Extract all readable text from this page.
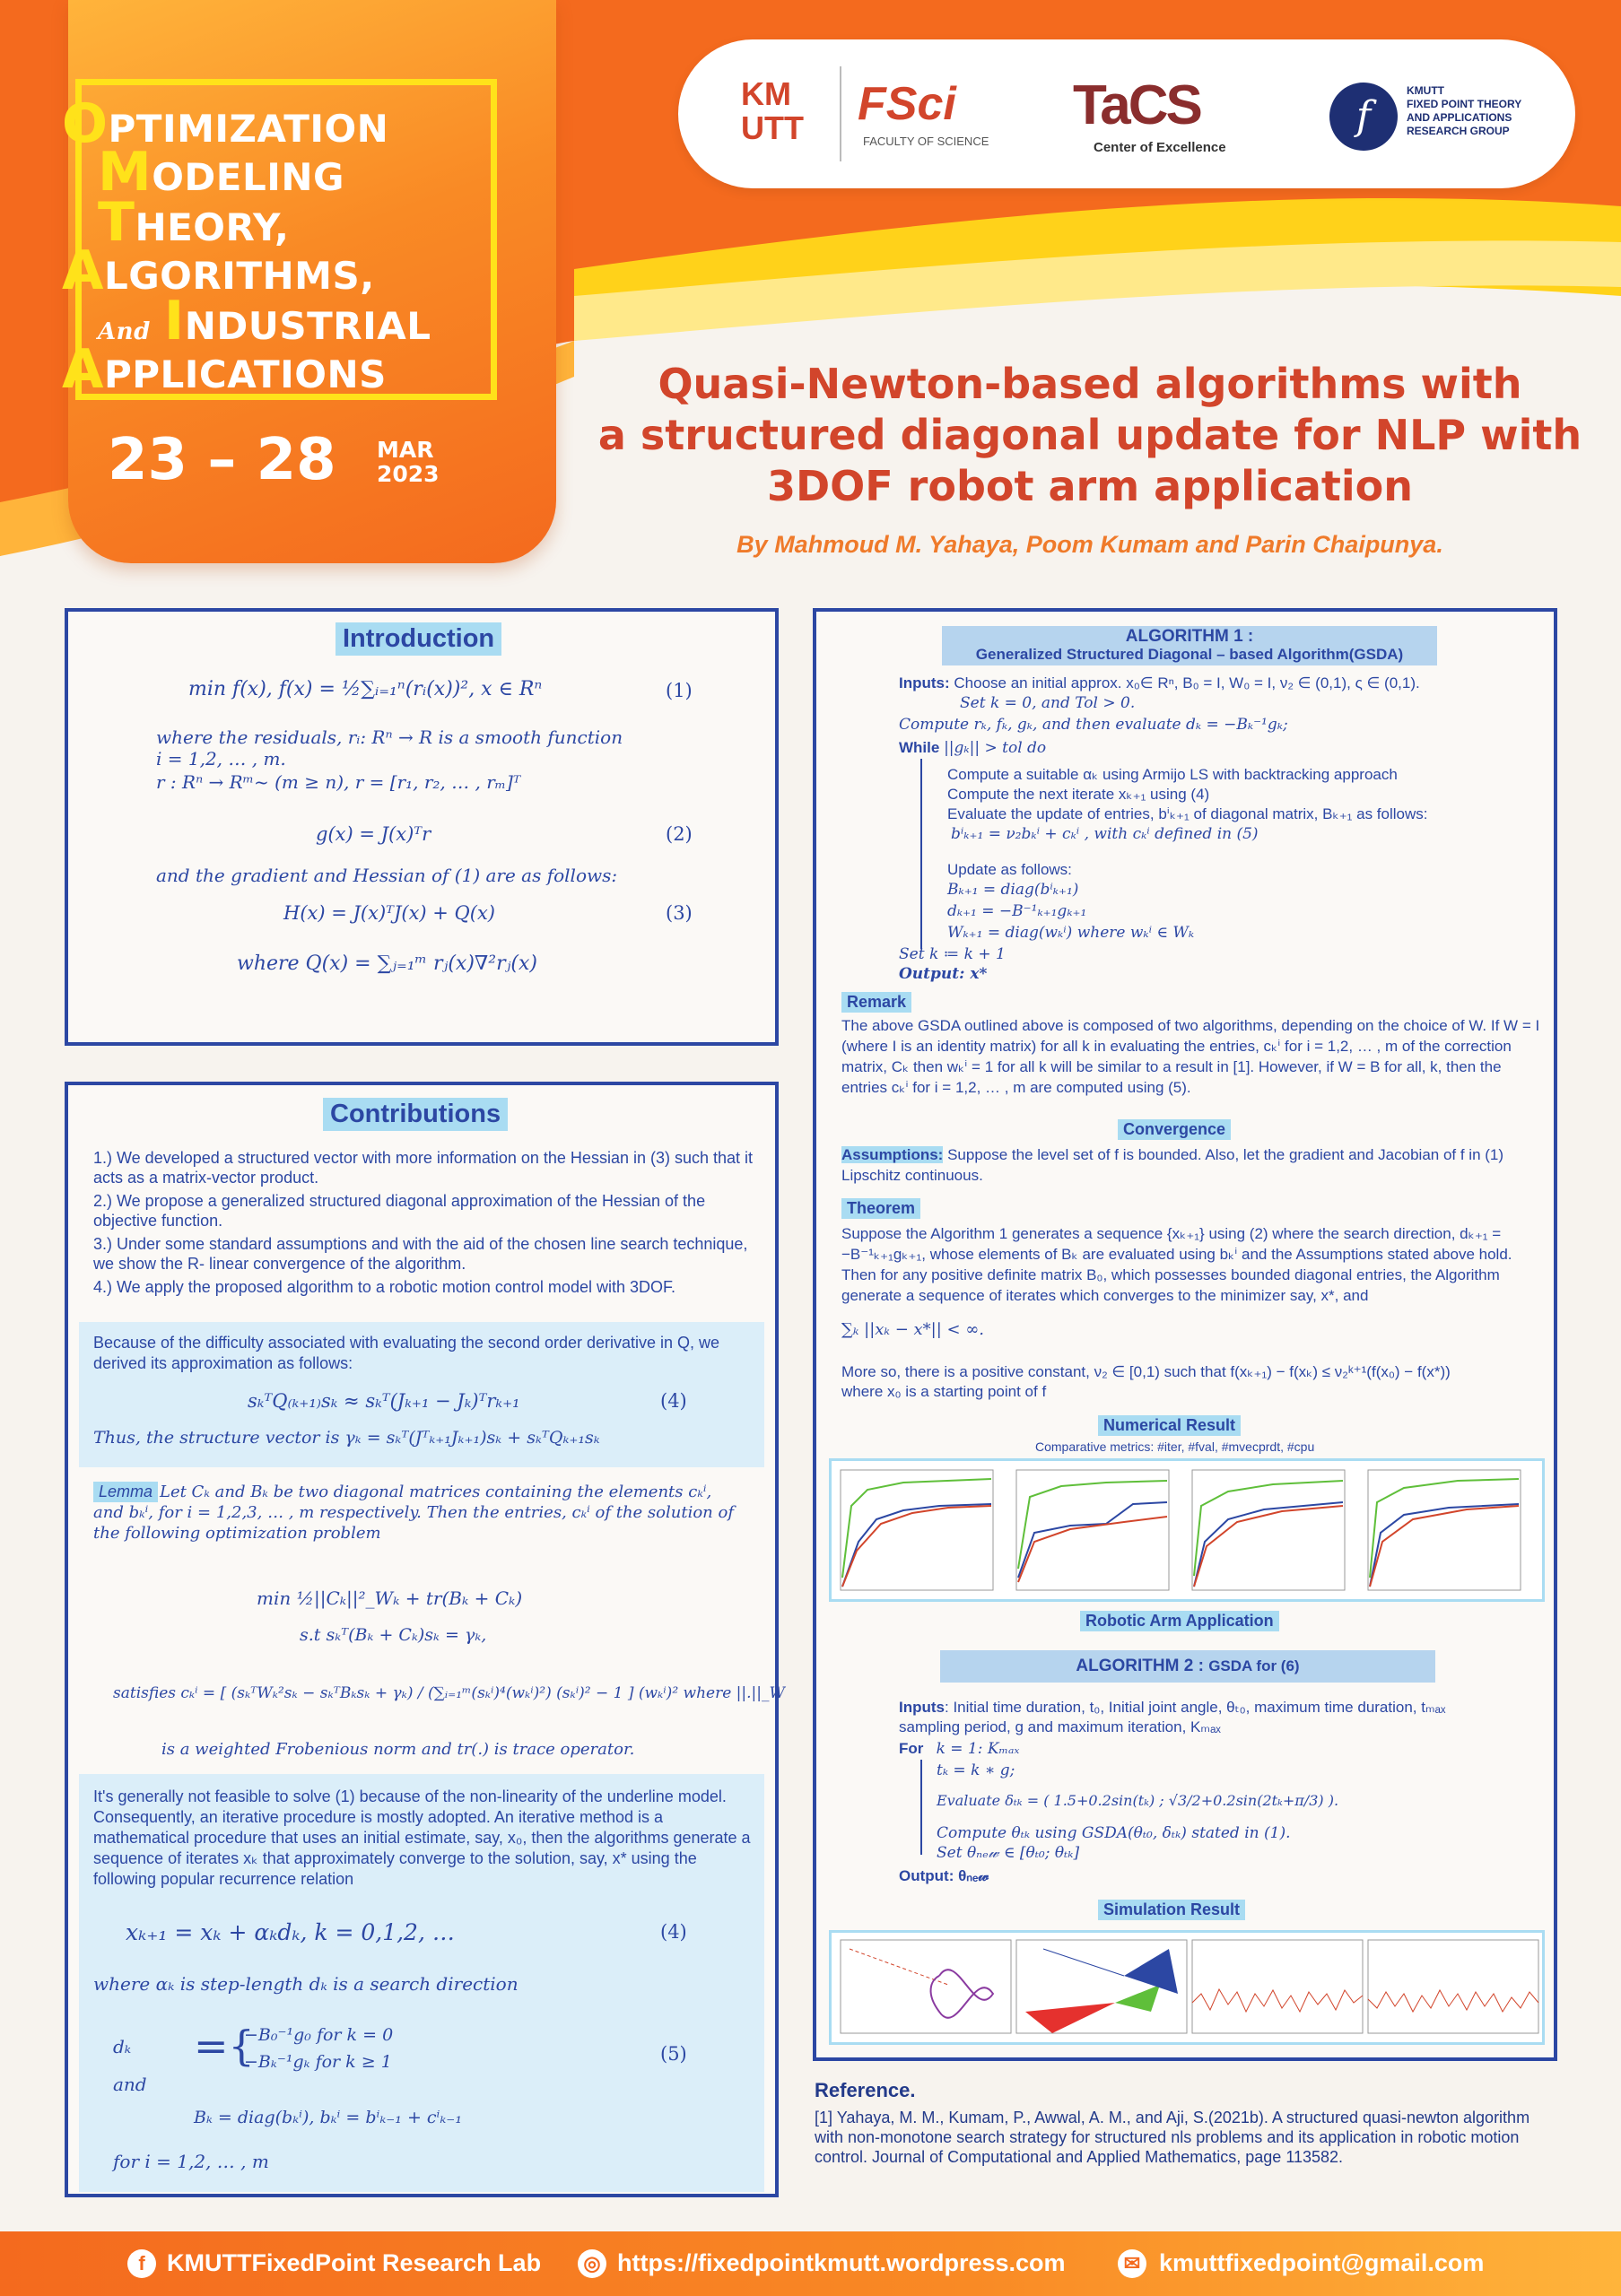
OPTIMIZATION
MODELING
THEORY,
ALGORITHMS,
And INDUSTRIAL
APPLICATIONS
23 – 28 MAR
2023
KM UTT FSci
FACULTY OF SCIENCE
TaCS
Center of Excellence
f
KMUTT
FIXED POINT THEORY
AND APPLICATIONS
RESEARCH GROUP
Quasi-Newton-based algorithms with
a structured diagonal update for NLP with
3DOF robot arm application
By Mahmoud M. Yahaya, Poom Kumam and Parin Chaipunya.
Introduction
min f(x), f(x) = ½∑ᵢ₌₁ⁿ(rᵢ(x))², x ∈ Rⁿ	(1)
where the residuals, rᵢ: Rⁿ → R is a smooth function
i = 1,2, … , m.
r : Rⁿ → Rᵐ~ (m ≥ n), r = [r₁, r₂, … , rₘ]ᵀ
g(x) = J(x)ᵀr	(2)
and the gradient and Hessian of (1) are as follows:
H(x) = J(x)ᵀJ(x) + Q(x)	(3)
where Q(x) = ∑ⱼ₌₁ᵐ rⱼ(x)∇²rⱼ(x)
Contributions
1.) We developed a structured vector with more information on the Hessian in (3) such that it acts as a matrix-vector product.
2.) We propose a generalized structured diagonal approximation of the Hessian of the objective function.
3.) Under some standard assumptions and with the aid of the chosen line search technique, we show the R- linear convergence of the algorithm.
4.) We apply the proposed algorithm to a robotic motion control model with 3DOF.
Because of the difficulty associated with evaluating the second order derivative in Q, we derived its approximation as follows:
sₖᵀQ₍ₖ₊₁₎sₖ ≈ sₖᵀ(Jₖ₊₁ − Jₖ)ᵀrₖ₊₁	(4)
Thus, the structure vector is γₖ = sₖᵀ(Jᵀₖ₊₁Jₖ₊₁)sₖ + sₖᵀQₖ₊₁sₖ
Lemma Let Cₖ and Bₖ be two diagonal matrices containing the elements cₖⁱ, and bₖⁱ, for i = 1,2,3, … , m respectively. Then the entries, cₖⁱ of the solution of the following optimization problem
min ½||Cₖ||²_Wₖ + tr(Bₖ + Cₖ)
s.t sₖᵀ(Bₖ + Cₖ)sₖ = γₖ,
satisfies cₖⁱ = [ (sₖᵀWₖ²sₖ − sₖᵀBₖsₖ + γₖ) / (∑ᵢ₌₁ᵐ(sₖⁱ)⁴(wₖⁱ)²) (sₖⁱ)² − 1 ] (wₖⁱ)² where ||.||_W
is a weighted Frobenious norm and tr(.) is trace operator.
It's generally not feasible to solve (1) because of the non-linearity of the underline model. Consequently, an iterative procedure is mostly adopted. An iterative method is a mathematical procedure that uses an initial estimate, say, x₀, then the algorithms generate a sequence of iterates xₖ that approximately converge to the solution, say, x* using the following popular recurrence relation
xₖ₊₁ = xₖ + αₖdₖ, k = 0,1,2, …	(4)
where αₖ is step-length dₖ is a search direction
dₖ ={
−B₀⁻¹g₀ for k = 0
−Bₖ⁻¹gₖ for k ≥ 1
and
(5)
Bₖ = diag(bₖⁱ), bₖⁱ = bⁱₖ₋₁ + cⁱₖ₋₁
for i = 1,2, … , m
ALGORITHM 1 :
Generalized Structured Diagonal – based Algorithm(GSDA)
Inputs: Choose an initial approx. x₀∈ Rⁿ, B₀ = I, W₀ = I, ν₂ ∈ (0,1), ς ∈ (0,1).
Set k = 0, and Tol > 0.
Compute rₖ, fₖ, gₖ, and then evaluate dₖ = −Bₖ⁻¹gₖ;
While ||gₖ|| > tol do
Compute a suitable αₖ using Armijo LS with backtracking approach
Compute the next iterate xₖ₊₁ using (4)
Evaluate the update of entries, bⁱₖ₊₁ of diagonal matrix, Bₖ₊₁ as follows:
bⁱₖ₊₁ = ν₂bₖⁱ + cₖⁱ , with cₖⁱ defined in (5)
Update as follows:
Bₖ₊₁ = diag(bⁱₖ₊₁)
dₖ₊₁ = −B⁻¹ₖ₊₁gₖ₊₁
Wₖ₊₁ = diag(wₖⁱ) where wₖⁱ ∈ Wₖ
Set k ≔ k + 1
Output: x*
Remark
The above GSDA outlined above is composed of two algorithms, depending on the choice of W. If W = I (where I is an identity matrix) for all k in evaluating the entries, cₖⁱ for i = 1,2, … , m of the correction matrix, Cₖ then wₖⁱ = 1 for all k will be similar to a result in [1]. However, if W = B for all, k, then the entries cₖⁱ for i = 1,2, … , m are computed using (5).
Convergence
Assumptions: Suppose the level set of f is bounded. Also, let the gradient and Jacobian of f in (1) Lipschitz continuous.
Theorem
Suppose the Algorithm 1 generates a sequence {xₖ₊₁} using (2) where the search direction, dₖ₊₁ = −B⁻¹ₖ₊₁gₖ₊₁, whose elements of Bₖ are evaluated using bₖⁱ and the Assumptions stated above hold. Then for any positive definite matrix B₀, which possesses bounded diagonal entries, the Algorithm generate a sequence of iterates which converges to the minimizer say, x*, and
∑ₖ ||xₖ − x*|| < ∞.
More so, there is a positive constant, ν₂ ∈ [0,1) such that f(xₖ₊₁) − f(xₖ) ≤ ν₂ᵏ⁺¹(f(x₀) − f(x*))
where x₀ is a starting point of f
Numerical Result
Comparative metrics: #iter, #fval, #mvecprdt, #cpu
Robotic Arm Application
ALGORITHM 2 : GSDA for (6)
Inputs: Initial time duration, t₀, Initial joint angle, θₜ₀, maximum time duration, tₘₐₓ
sampling period, g and maximum iteration, Kₘₐₓ
For k = 1: Kₘₐₓ
tₖ = k ∗ g;
Evaluate δₜₖ = ( 1.5+0.2sin(tₖ) ; √3/2+0.2sin(2tₖ+π/3) ).
Compute θₜₖ using GSDA(θₜ₀, δₜₖ) stated in (1).
Set θₙₑ𝓌 ∈ [θₜ₀; θₜₖ]
Output: θₙₑ𝓌
Simulation Result
Reference.
[1] Yahaya, M. M., Kumam, P., Awwal, A. M., and Aji, S.(2021b). A structured quasi-newton algorithm with non-monotone search strategy for structured nls problems and its application in robotic motion control. Journal of Computational and Applied Mathematics, page 113582.
f KMUTTFixedPoint Research Lab ◎ https://fixedpointkmutt.wordpress.com	✉ kmuttfixedpoint@gmail.com
